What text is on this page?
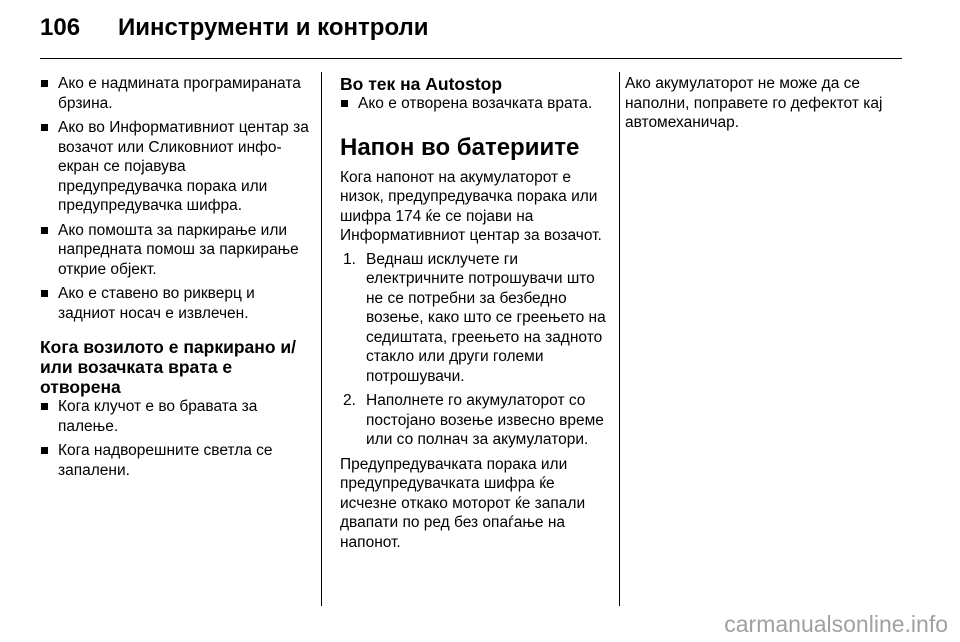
106	Иинструменти и контроли
Ако е надмината програмираната брзина.
Ако во Информативниот центар за возачот или Сликовниот инфо-екран се појавува предупредувачка порака или предупредувачка шифра.
Ако помошта за паркирање или напредната помош за паркирање открие објект.
Ако е ставено во рикверц и задниот носач е извлечен.
Кога возилото е паркирано и/или возачката врата е отворена
Кога клучот е во бравата за палење.
Кога надворешните светла се запалени.
Во тек на Autostop
Ако е отворена возачката врата.
Напон во батериите

Кога напонот на акумулаторот е низок, предупредувачка порака или шифра 174 ќе се појави на Информативниот центар за возачот.

1. Веднаш исклучете ги електричните потрошувачи што не се потребни за безбедно возење, како што се греењето на седиштата, греењето на задното стакло или други големи потрошувачи.
2. Наполнете го акумулаторот со постојано возење извесно време или со полнач за акумулатори.

Предупредувачката порака или предупредувачката шифра ќе исчезне откако моторот ќе запали двапати по ред без опаѓање на напонот.

Ако акумулаторот не може да се наполни, поправете го дефектот кај автомеханичар.

carmanualsonline.info
